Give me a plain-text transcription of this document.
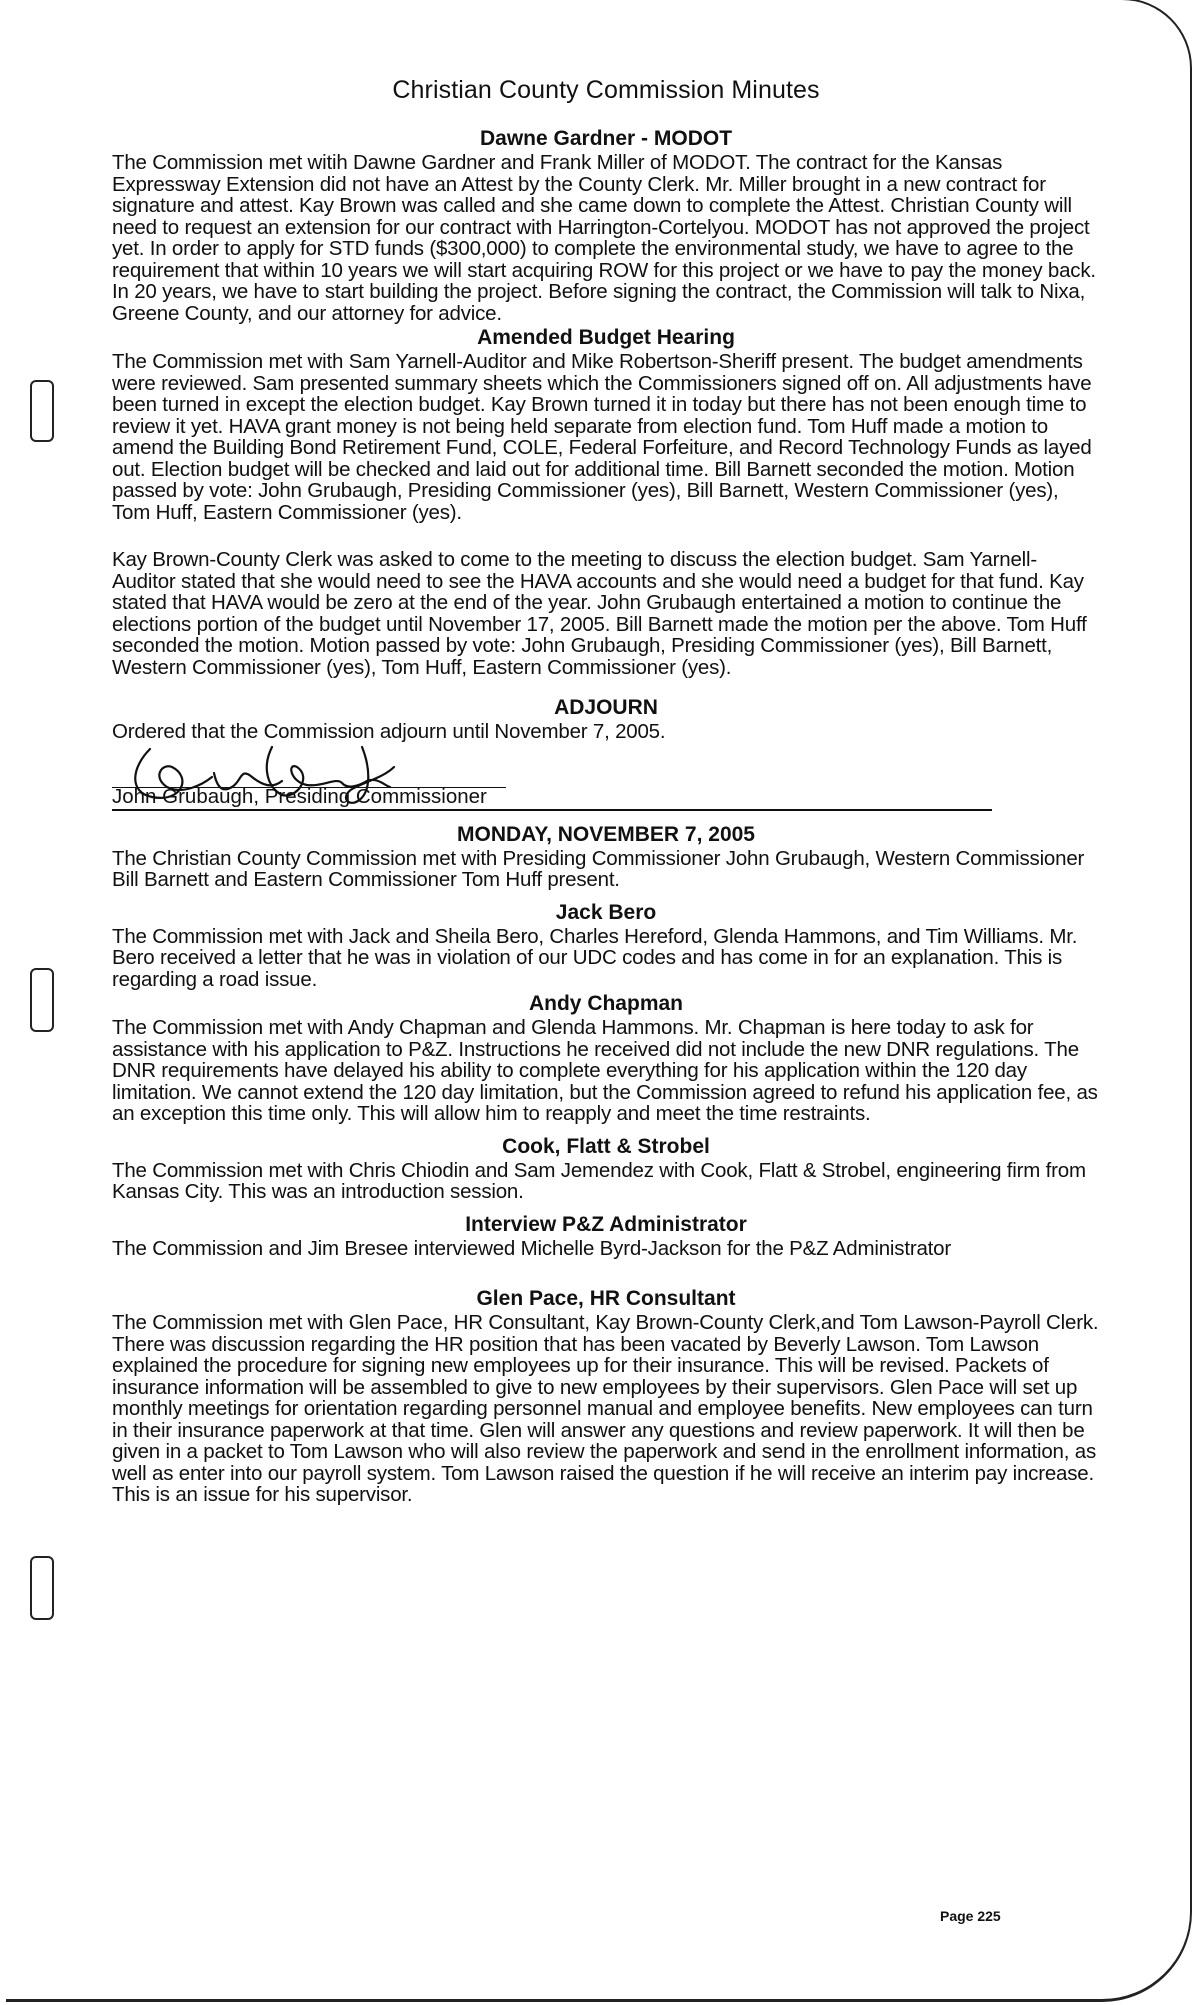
Christian County Commission Minutes
Dawne Gardner - MODOT

The Commission met witih Dawne Gardner and Frank Miller of MODOT. The contract for the Kansas Expressway Extension did not have an Attest by the County Clerk. Mr. Miller brought in a new contract for signature and attest. Kay Brown was called and she came down to complete the Attest. Christian County will need to request an extension for our contract with Harrington-Cortelyou. MODOT has not approved the project yet. In order to apply for STD funds ($300,000) to complete the environmental study, we have to agree to the requirement that within 10 years we will start acquiring ROW for this project or we have to pay the money back. In 20 years, we have to start building the project. Before signing the contract, the Commission will talk to Nixa, Greene County, and our attorney for advice.

Amended Budget Hearing

The Commission met with Sam Yarnell-Auditor and Mike Robertson-Sheriff present. The budget amendments were reviewed. Sam presented summary sheets which the Commissioners signed off on. All adjustments have been turned in except the election budget. Kay Brown turned it in today but there has not been enough time to review it yet. HAVA grant money is not being held separate from election fund. Tom Huff made a motion to amend the Building Bond Retirement Fund, COLE, Federal Forfeiture, and Record Technology Funds as layed out. Election budget will be checked and laid out for additional time. Bill Barnett seconded the motion. Motion passed by vote: John Grubaugh, Presiding Commissioner (yes), Bill Barnett, Western Commissioner (yes), Tom Huff, Eastern Commissioner (yes).

Kay Brown-County Clerk was asked to come to the meeting to discuss the election budget. Sam Yarnell-Auditor stated that she would need to see the HAVA accounts and she would need a budget for that fund. Kay stated that HAVA would be zero at the end of the year. John Grubaugh entertained a motion to continue the elections portion of the budget until November 17, 2005. Bill Barnett made the motion per the above. Tom Huff seconded the motion. Motion passed by vote: John Grubaugh, Presiding Commissioner (yes), Bill Barnett, Western Commissioner (yes), Tom Huff, Eastern Commissioner (yes).

ADJOURN

Ordered that the Commission adjourn until November 7, 2005.

John Grubaugh, Presiding Commissioner
MONDAY, NOVEMBER 7, 2005

The Christian County Commission met with Presiding Commissioner John Grubaugh, Western Commissioner Bill Barnett and Eastern Commissioner Tom Huff present.

Jack Bero

The Commission met with Jack and Sheila Bero, Charles Hereford, Glenda Hammons, and Tim Williams. Mr. Bero received a letter that he was in violation of our UDC codes and has come in for an explanation. This is regarding a road issue.

Andy Chapman

The Commission met with Andy Chapman and Glenda Hammons. Mr. Chapman is here today to ask for assistance with his application to P&Z. Instructions he received did not include the new DNR regulations. The DNR requirements have delayed his ability to complete everything for his application within the 120 day limitation. We cannot extend the 120 day limitation, but the Commission agreed to refund his application fee, as an exception this time only. This will allow him to reapply and meet the time restraints.

Cook, Flatt & Strobel

The Commission met with Chris Chiodin and Sam Jemendez with Cook, Flatt & Strobel, engineering firm from Kansas City. This was an introduction session.

Interview P&Z Administrator

The Commission and Jim Bresee interviewed Michelle Byrd-Jackson for the P&Z Administrator

Glen Pace, HR Consultant

The Commission met with Glen Pace, HR Consultant, Kay Brown-County Clerk,and Tom Lawson-Payroll Clerk. There was discussion regarding the HR position that has been vacated by Beverly Lawson. Tom Lawson explained the procedure for signing new employees up for their insurance. This will be revised. Packets of insurance information will be assembled to give to new employees by their supervisors. Glen Pace will set up monthly meetings for orientation regarding personnel manual and employee benefits. New employees can turn in their insurance paperwork at that time. Glen will answer any questions and review paperwork. It will then be given in a packet to Tom Lawson who will also review the paperwork and send in the enrollment information, as well as enter into our payroll system. Tom Lawson raised the question if he will receive an interim pay increase. This is an issue for his supervisor.

Page 225
